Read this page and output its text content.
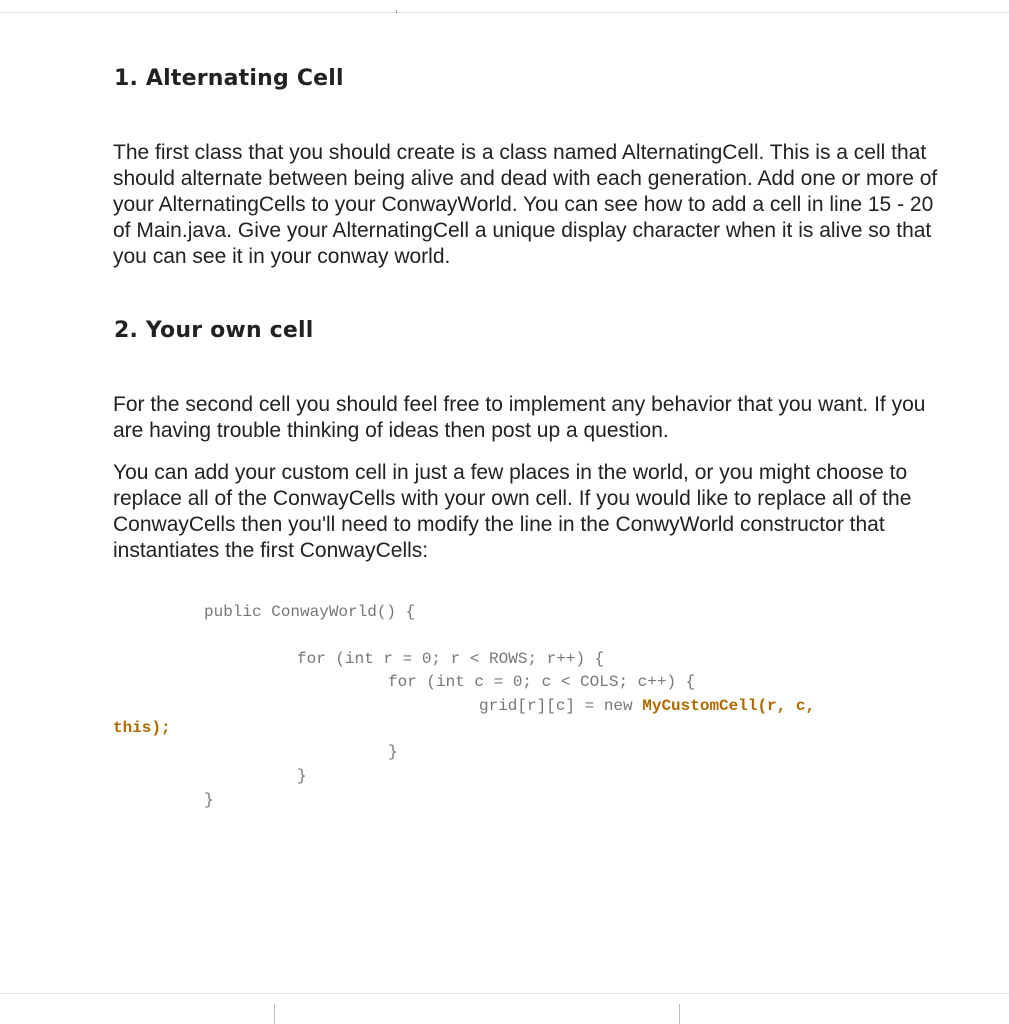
1. Alternating Cell

The first class that you should create is a class named AlternatingCell. This is a cell that should alternate between being alive and dead with each generation. Add one or more of your AlternatingCells to your ConwayWorld. You can see how to add a cell in line 15 - 20 of Main.java. Give your AlternatingCell a unique display character when it is alive so that you can see it in your conway world.

2. Your own cell

For the second cell you should feel free to implement any behavior that you want. If you are having trouble thinking of ideas then post up a question.

You can add your custom cell in just a few places in the world, or you might choose to replace all of the ConwayCells with your own cell. If you would like to replace all of the ConwayCells then you'll need to modify the line in the ConwyWorld constructor that instantiates the first ConwayCells:

public ConwayWorld() {
for (int r = 0; r < ROWS; r++) {
for (int c = 0; c < COLS; c++) {
grid[r][c] = new MyCustomCell(r, c,
this);
}
}
}
